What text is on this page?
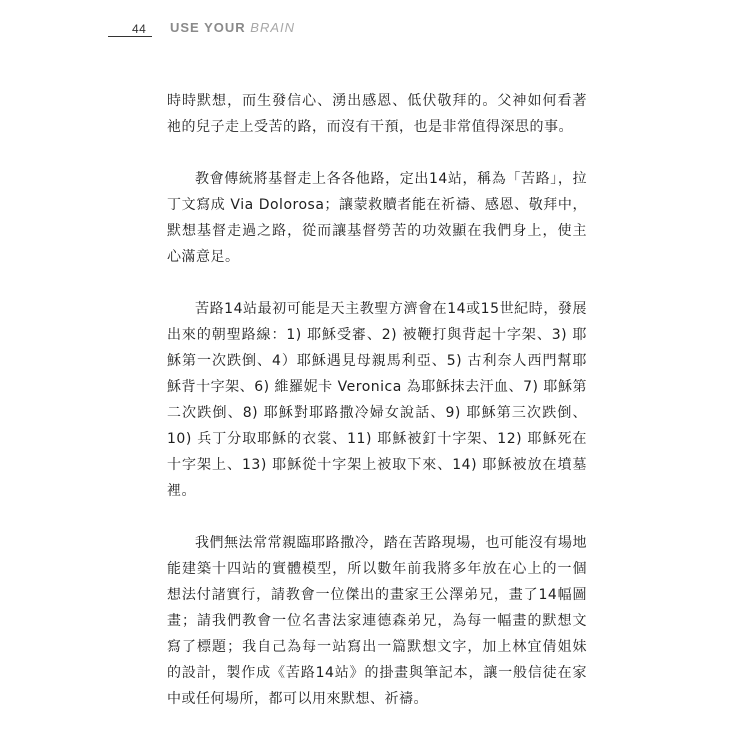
44 USE YOUR BRAIN

時時默想，而生發信心、湧出感恩、低伏敬拜的。父神如何看著祂的兒子走上受苦的路，而沒有干預，也是非常值得深思的事。

教會傳統將基督走上各各他路，定出14站，稱為「苦路」，拉丁文寫成 Via Dolorosa；讓蒙救贖者能在祈禱、感恩、敬拜中，默想基督走過之路，從而讓基督勞苦的功效顯在我們身上，使主心滿意足。

苦路14站最初可能是天主教聖方濟會在14或15世紀時，發展出來的朝聖路線：1) 耶穌受審、2) 被鞭打與背起十字架、3) 耶穌第一次跌倒、4）耶穌遇見母親馬利亞、5) 古利奈人西門幫耶穌背十字架、6) 維羅妮卡 Veronica 為耶穌抹去汗血、7) 耶穌第二次跌倒、8) 耶穌對耶路撒冷婦女說話、9) 耶穌第三次跌倒、10) 兵丁分取耶穌的衣裳、11) 耶穌被釘十字架、12) 耶穌死在十字架上、13) 耶穌從十字架上被取下來、14) 耶穌被放在墳墓裡。

我們無法常常親臨耶路撒冷，踏在苦路現場，也可能沒有場地能建築十四站的實體模型，所以數年前我將多年放在心上的一個想法付諸實行，請教會一位傑出的畫家王公澤弟兄，畫了14幅圖畫；請我們教會一位名書法家連德森弟兄，為每一幅畫的默想文寫了標題；我自己為每一站寫出一篇默想文字，加上林宜倩姐妹的設計，製作成《苦路14站》的掛畫與筆記本，讓一般信徒在家中或任何場所，都可以用來默想、祈禱。
